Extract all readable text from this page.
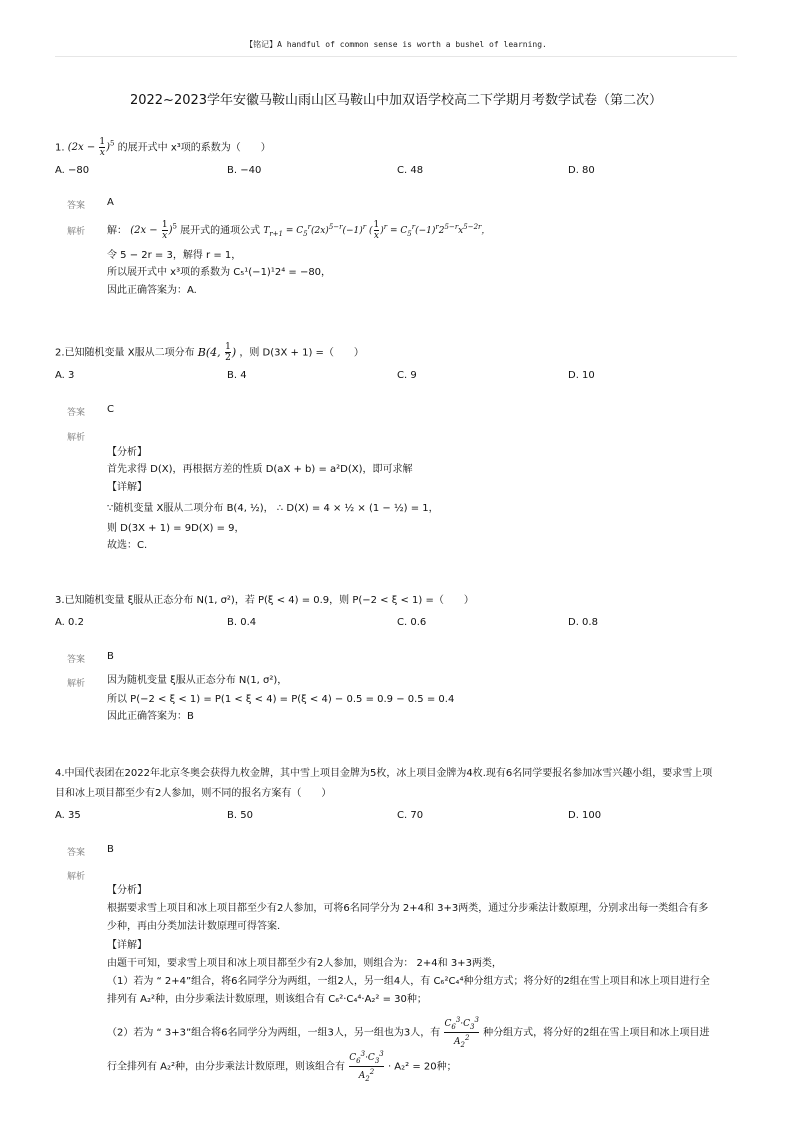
【铭记】A handful of common sense is worth a bushel of learning.
2022~2023学年安徽马鞍山雨山区马鞍山中加双语学校高二下学期月考数学试卷（第二次）
1. $(2x - \frac{1}{x} )^5$ 的展开式中 x³项的系数为（　　）
A. −80	B. −40	C. 48	D. 80
答案 A
解析 解： $(2x - \frac{1}{x} )^5$ 展开式的通项公式 $T_{r+1} = C_5^r(2x)^{5-r}(-1)^r$ ( $\frac{1}{x} )^r = C_5^r(-1)^r2^{5-r}x^{5-2r}$，
令 5 − 2r = 3，解得 r = 1，
所以展开式中 x³项的系数为 C₅¹(−1)¹2⁴ = −80，
因此正确答案为：A.
2.已知随机变量 X服从二项分布 B(4, $\frac{1}{2}$ ) ，则 D(3X + 1) =（　　）
A. 3	B. 4	C. 9	D. 10
答案 C
解析
【分析】
首先求得 D(X)，再根据方差的性质 D(aX + b) = a²D(X)，即可求解
【详解】
∵随机变量 X服从二项分布 B(4, ½)， ∴ D(X) = 4 × ½ × (1 − ½) = 1，
则 D(3X + 1) = 9D(X) = 9，
故选：C.
3.已知随机变量 ξ服从正态分布 N(1, σ²)，若 P(ξ < 4) = 0.9，则 P(−2 < ξ < 1) =（　　）
A. 0.2	B. 0.4	C. 0.6	D. 0.8
答案 B
解析 因为随机变量 ξ服从正态分布 N(1, σ²)，
所以 P(−2 < ξ < 1) = P(1 < ξ < 4) = P(ξ < 4) − 0.5 = 0.9 − 0.5 = 0.4
因此正确答案为：B
4.中国代表团在2022年北京冬奥会获得九枚金牌，其中雪上项目金牌为5枚，冰上项目金牌为4枚.现有6名同学要报名参加冰雪兴趣小组，要求雪上项
目和冰上项目都至少有2人参加，则不同的报名方案有（　　）
A. 35	B. 50	C. 70	D. 100
答案 B
解析
【分析】
根据要求雪上项目和冰上项目都至少有2人参加，可将6名同学分为 2+4和 3+3两类，通过分步乘法计数原理，分别求出每一类组合有多
少种，再由分类加法计数原理可得答案.
【详解】
由题干可知，要求雪上项目和冰上项目都至少有2人参加，则组合为： 2+4和 3+3两类，
（1）若为 “ 2+4”组合，将6名同学分为两组，一组2人，另一组4人，有 C₆²C₄⁴种分组方式；将分好的2组在雪上项目和冰上项目进行全
排列有 A₂²种，由分步乘法计数原理，则该组合有 C₆²·C₄⁴·A₂² = 30种；
（2）若为 “ 3+3”组合将6名同学分为两组，一组3人，另一组也为3人，有 $\frac{C_6^3\cdot C_3^3}{A_2^2}$ 种分组方式，将分好的2组在雪上项目和冰上项目进
行全排列有 A₂²种，由分步乘法计数原理，则该组合有 $\frac{C_6^3\cdot C_3^3}{A_2^2} \cdot A_2^2 = 20$种；
